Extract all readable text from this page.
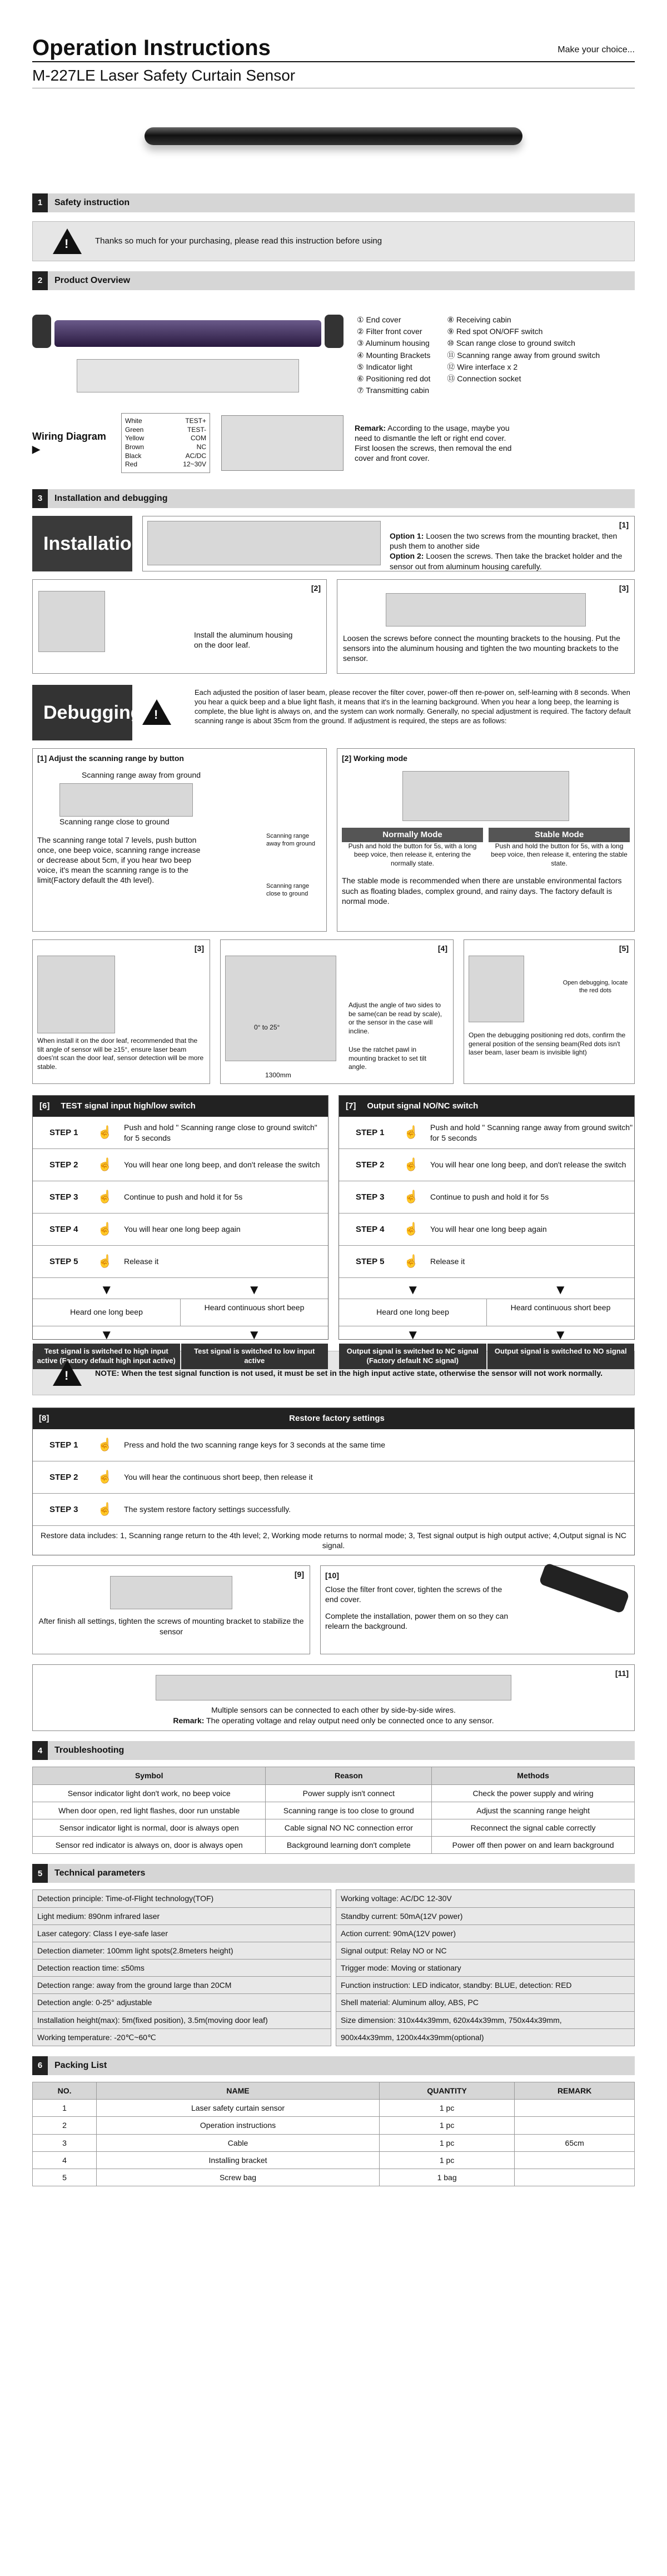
Operation Instructions
M-227LE Laser Safety Curtain Sensor
Make your choice...
1	Safety instruction
!	Thanks so much for your purchasing, please read this instruction before using
2	Product Overview
① End cover
② Filter front cover
③ Aluminum housing
④ Mounting Brackets
⑤ Indicator light
⑥ Positioning red dot
⑦ Transmitting cabin
⑧ Receiving cabin
⑨ Red spot ON/OFF switch
⑩ Scan range close to ground switch
⑪ Scanning range away from ground switch
⑫ Wire interface x 2
⑬ Connection socket
Wiring Diagram ▶
White	TEST+
Green	TEST-
Yellow	COM
Brown	NC
Black	AC/DC
Red	12~30V
Remark: According to the usage, maybe you need to dismantle the left or right end cover. First loosen the screws, then removal the end cover and front cover.
3	Installation and debugging
Installation	Option 1: Loosen the two screws from the mounting bracket, then push them to another side
Option 2: Loosen the screws. Then take the bracket holder and the sensor out from aluminum housing carefully.
[1]
[2]
Install the aluminum housing on the door leaf.
[3]
Loosen the screws before connect the mounting brackets to the housing. Put the sensors into the aluminum housing and tighten the two mounting brackets to the sensor.
Debugging !
Each adjusted the position of laser beam, please recover the filter cover, power-off then re-power on, self-learning with 8 seconds. When you hear a quick beep and a blue light flash, it means that it's in the learning background. When you hear a long beep, the learning is complete, the blue light is always on, and the system can work normally. Generally, no special adjustment is required. The factory default scanning range is about 35cm from the ground. If adjustment is required, the steps are as follows:
[1] Adjust the scanning range by button
Scanning range away from ground
Scanning range close to ground
The scanning range total 7 levels, push button once, one beep voice, scanning range increase or decrease about 5cm, if you hear two beep voice, it's mean the scanning range is to the limit(Factory default the 4th level).
Scanning range away from ground
Scanning range close to ground
[2] Working mode
Normally Mode
Push and hold the button for 5s, with a long beep voice, then release it, entering the normally state.
Stable Mode
Push and hold the button for 5s, with a long beep voice, then release it, entering the stable state.
The stable mode is recommended when there are unstable environmental factors such as floating blades, complex ground, and rainy days. The factory default is normal mode.
[3]
When install it on the door leaf, recommended that the tilt angle of sensor will be ≥15°, ensure laser beam does'nt scan the door leaf, sensor detection will be more stable.
[4]
0° to 25°
1300mm
Adjust the angle of two sides to be same(can be read by scale), or the sensor in the case will incline.
Use the ratchet pawl in mounting bracket to set tilt angle.
[5]
Open debugging, locate the red dots
Open the debugging positioning red dots, confirm the general position of the sensing beam(Red dots isn't laser beam, laser beam is invisible light)
[6] TEST signal input high/low switch
STEP 1	☝	Push and hold " Scanning range close to ground switch" for 5 seconds
STEP 2	☝	You will hear one long beep, and don't release the switch
STEP 3	☝	Continue to push and hold it for 5s
STEP 4	☝	You will hear one long beep again
STEP 5	☝	Release it
▼	▼
Heard one long beep	Heard continuous short beep
▼	▼
Test signal is switched to high input active (Factory default high input active)
Test signal is switched to low input active
[7] Output signal NO/NC switch
STEP 1	☝	Push and hold " Scanning range away from ground switch" for 5 seconds
STEP 2	☝	You will hear one long beep, and don't release the switch
STEP 3	☝	Continue to push and hold it for 5s
STEP 4	☝	You will hear one long beep again
STEP 5	☝	Release it
▼	▼
Heard one long beep	Heard continuous short beep
▼	▼
Output signal is switched to NC signal (Factory default NC signal)
Output signal is switched to NO signal
!	NOTE: When the test signal function is not used, it must be set in the high input active state, otherwise the sensor will not work normally.
[8]	Restore factory settings
STEP 1	☝	Press and hold the two scanning range keys for 3 seconds at the same time
STEP 2	☝	You will hear the continuous short beep, then release it
STEP 3	☝	The system restore factory settings successfully.
Restore data includes: 1, Scanning range return to the 4th level; 2, Working mode returns to normal mode; 3, Test signal output is high output active; 4,Output signal is NC signal.
[9]
After finish all settings, tighten the screws of mounting bracket to stabilize the sensor
[10]
Close the filter front cover, tighten the screws of the end cover.
Complete the installation, power them on so they can relearn the background.
[11]
Multiple sensors can be connected to each other by side-by-side wires.
Remark: The operating voltage and relay output need only be connected once to any sensor.
4	Troubleshooting
Symbol	Reason	Methods
Sensor indicator light don't work, no beep voice	Power supply isn't connect	Check the power supply and wiring
When door open, red light flashes, door run unstable	Scanning range is too close to ground	Adjust the scanning range height
Sensor indicator light is normal, door is always open	Cable signal NO NC connection error	Reconnect the signal cable correctly
Sensor red indicator is always on, door is always open	Background learning don't complete	Power off then power on and learn background
5	Technical parameters
Detection principle: Time-of-Flight technology(TOF)
Light medium: 890nm infrared laser
Laser category: Class I eye-safe laser
Detection diameter: 100mm light spots(2.8meters height)
Detection reaction time: ≤50ms
Detection range: away from the ground large than 20CM
Detection angle: 0-25° adjustable
Installation height(max): 5m(fixed position), 3.5m(moving door leaf)
Working temperature: -20℃~60℃
Working voltage: AC/DC 12-30V
Standby current: 50mA(12V power)
Action current: 90mA(12V power)
Signal output: Relay NO or NC
Trigger mode: Moving or stationary
Function instruction: LED indicator, standby: BLUE, detection: RED
Shell material: Aluminum alloy, ABS, PC
Size dimension: 310x44x39mm, 620x44x39mm, 750x44x39mm,
900x44x39mm, 1200x44x39mm(optional)
6	Packing List
NO.	NAME	QUANTITY	REMARK
1	Laser safety curtain sensor	1 pc	
2	Operation instructions	1 pc	
3	Cable	1 pc	65cm
4	Installing bracket	1 pc	
5	Screw bag	1 bag	
